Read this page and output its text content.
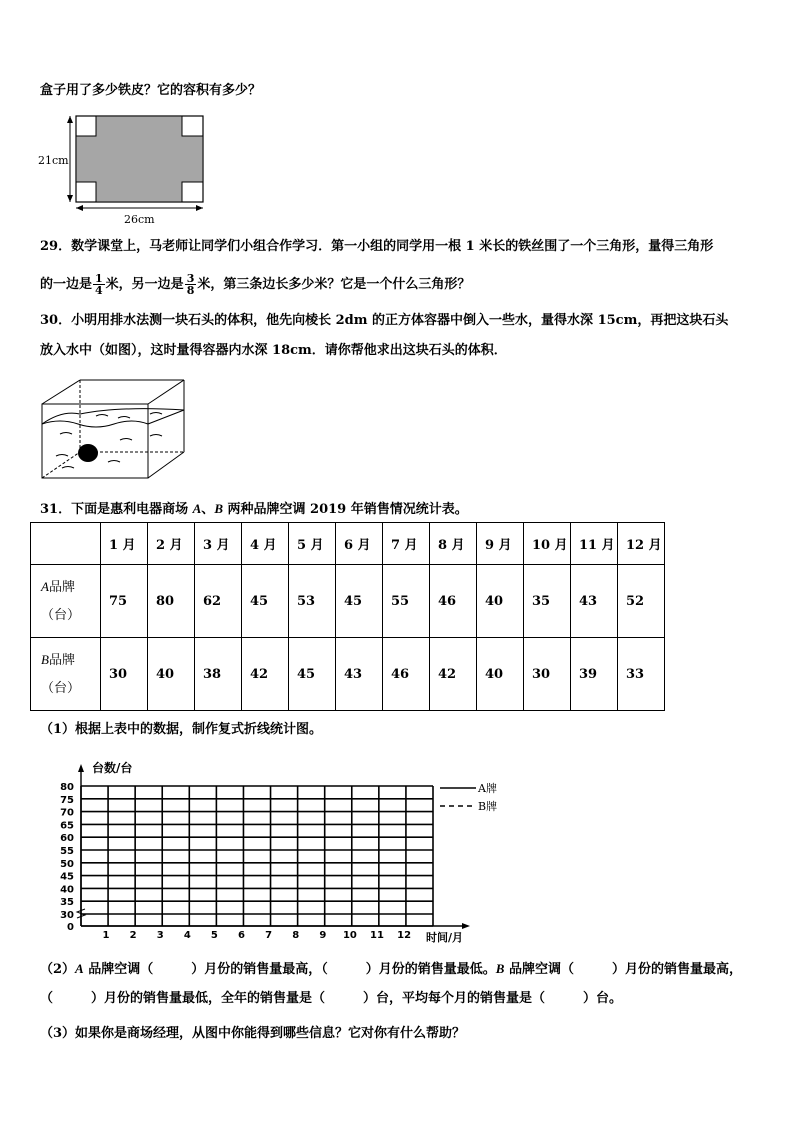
盒子用了多少铁皮？它的容积有多少？
21cm
26cm
29．数学课堂上，马老师让同学们小组合作学习．第一小组的同学用一根 1 米长的铁丝围了一个三角形，量得三角形
的一边是 $\frac{1}{4}$ 米，另一边是 $\frac{3}{8}$ 米，第三条边长多少米？它是一个什么三角形？
30．小明用排水法测一块石头的体积，他先向棱长 2dm 的正方体容器中倒入一些水，量得水深 15cm，再把这块石头
放入水中（如图），这时量得容器内水深 18cm．请你帮他求出这块石头的体积．
31．下面是惠利电器商场 A、B 两种品牌空调 2019 年销售情况统计表。
	1 月	2 月	3 月	4 月	5 月	6 月	7 月	8 月	9 月	10 月	11 月	12 月
A品牌
（台）	75	80	62	45	53	45	55	46	40	35	43	52
B品牌
（台）	30	40	38	42	45	43	46	42	40	30	39	33
（1）根据上表中的数据，制作复式折线统计图。
80
75
70
65
60
55
50
45
40
35
30
0
1 2 3 4 5 6 7 8 9 10 11 12
台数/台
时间/月
A牌
B牌
（2）A 品牌空调（	）月份的销售量最高，（	）月份的销售量最低。B 品牌空调（	）月份的销售量最高，
（	）月份的销售量最低，全年的销售量是（	）台，平均每个月的销售量是（	）台。
（3）如果你是商场经理，从图中你能得到哪些信息？它对你有什么帮助？
